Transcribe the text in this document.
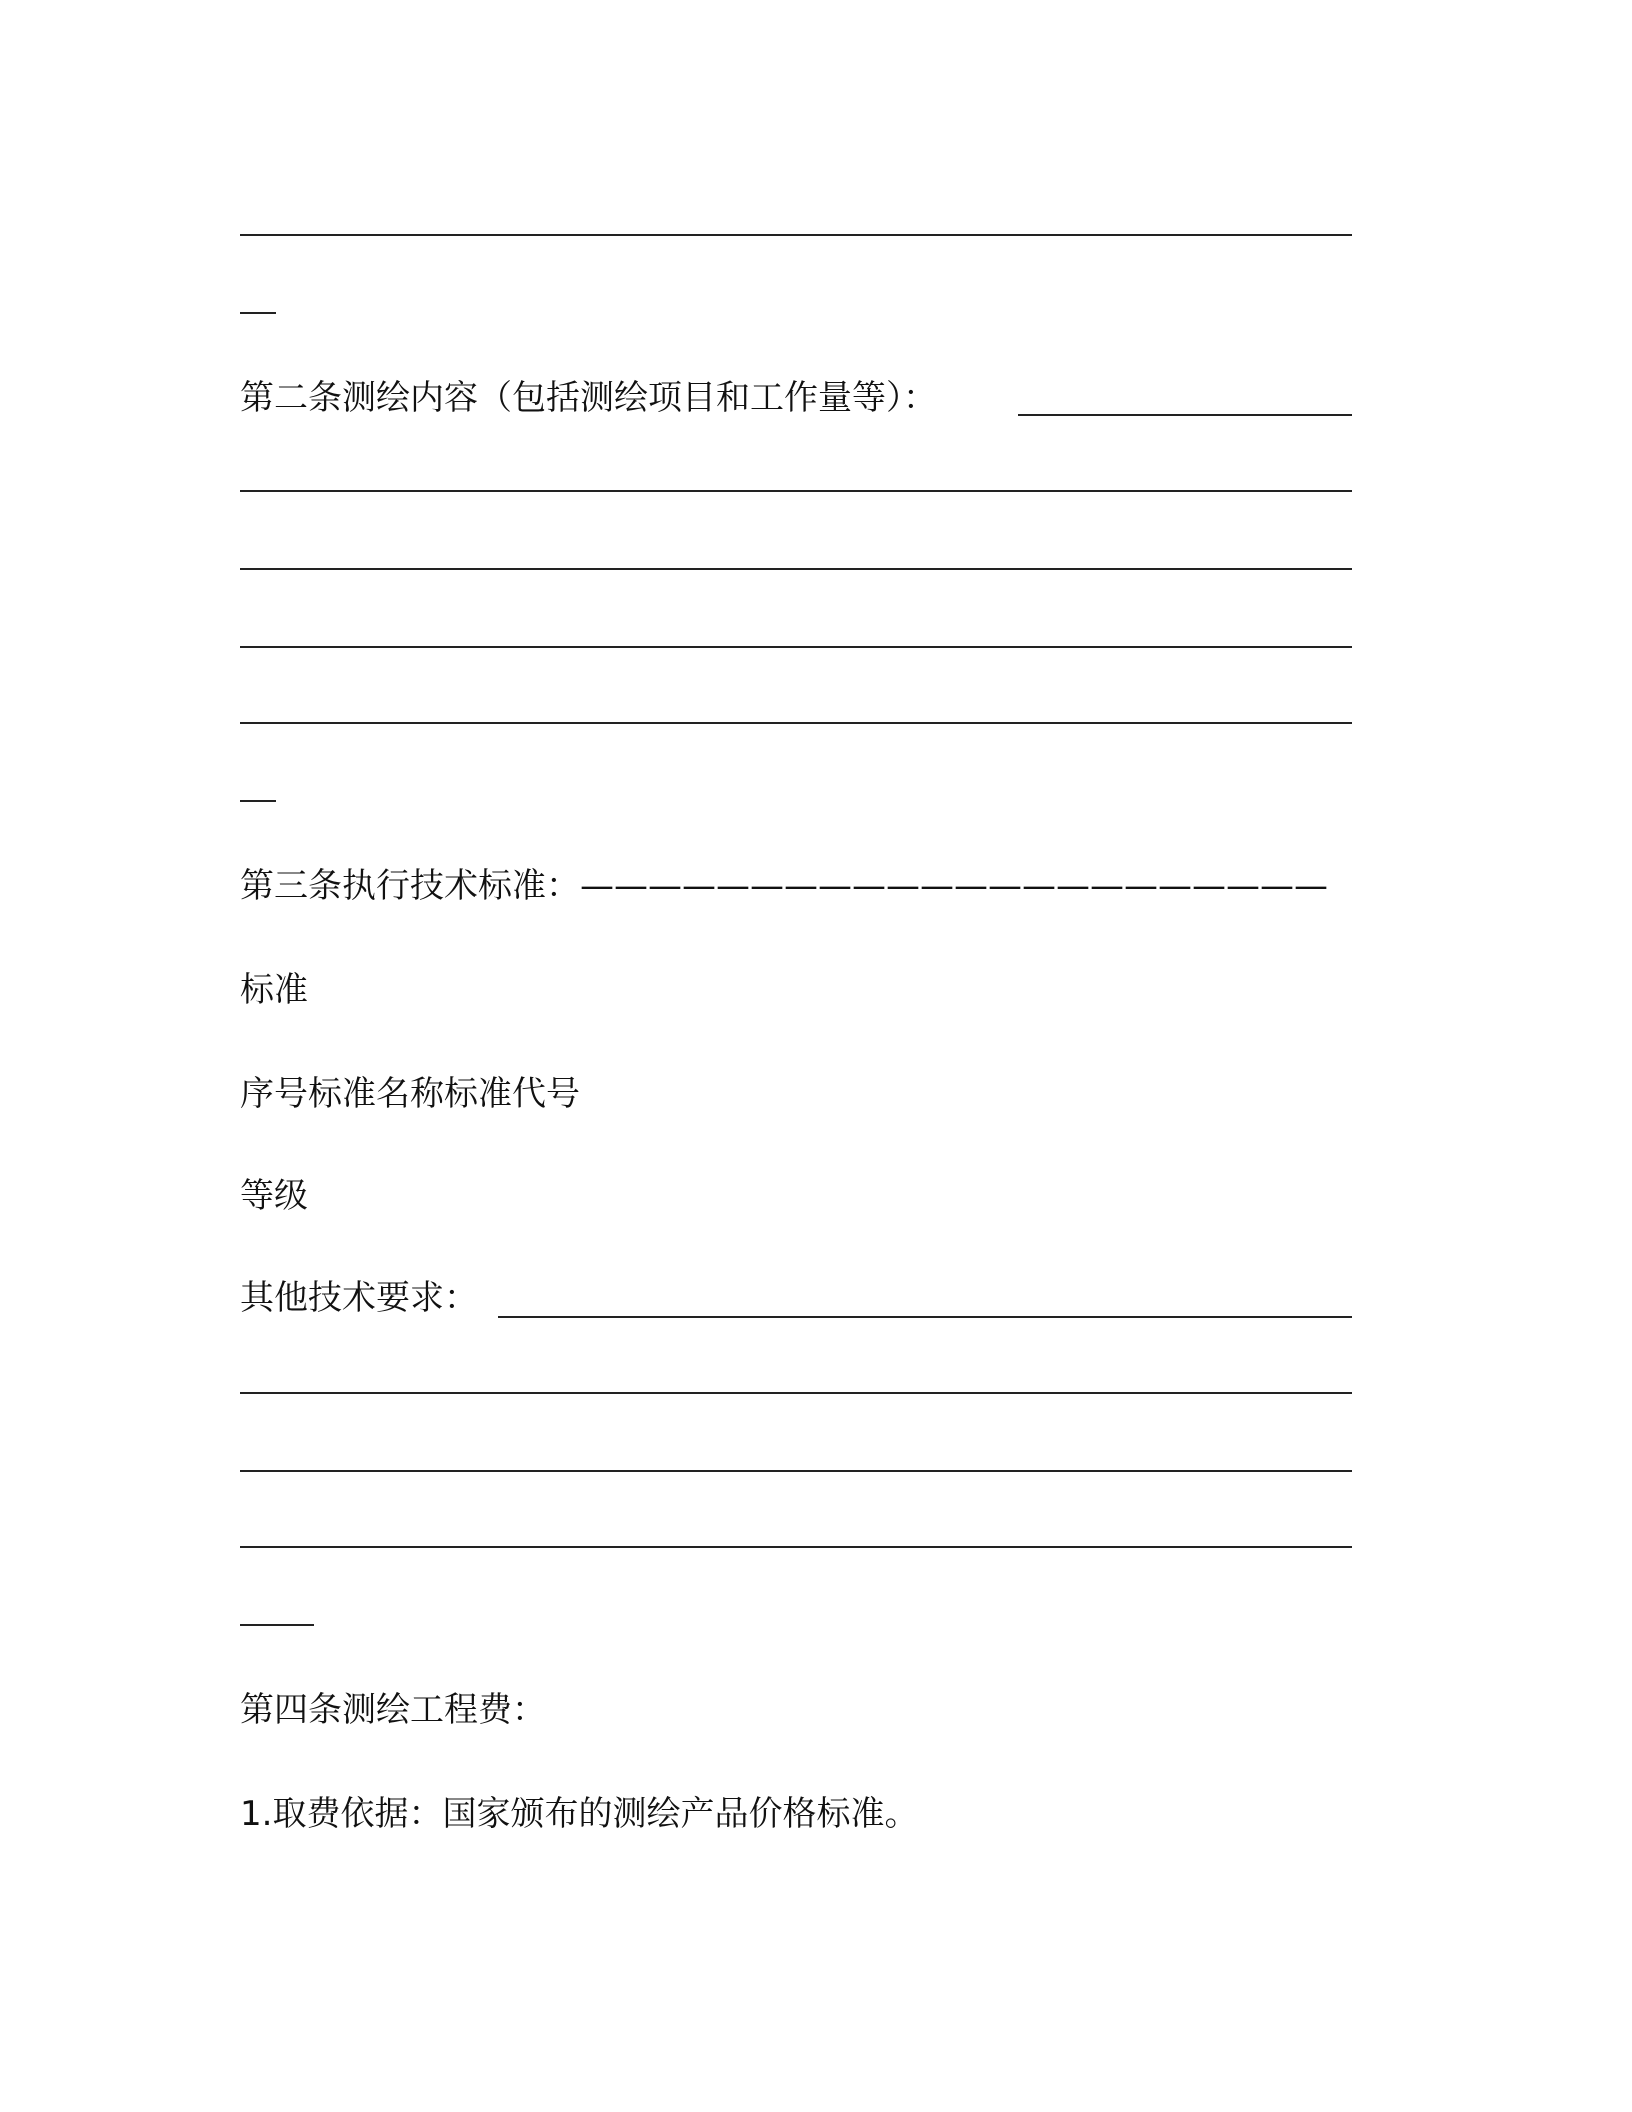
第二条测绘内容（包括测绘项目和工作量等）：
第三条执行技术标准：——————————————————————
标准
序号标准名称标准代号
等级
其他技术要求：
第四条测绘工程费：
1.取费依据：国家颁布的测绘产品价格标准。
